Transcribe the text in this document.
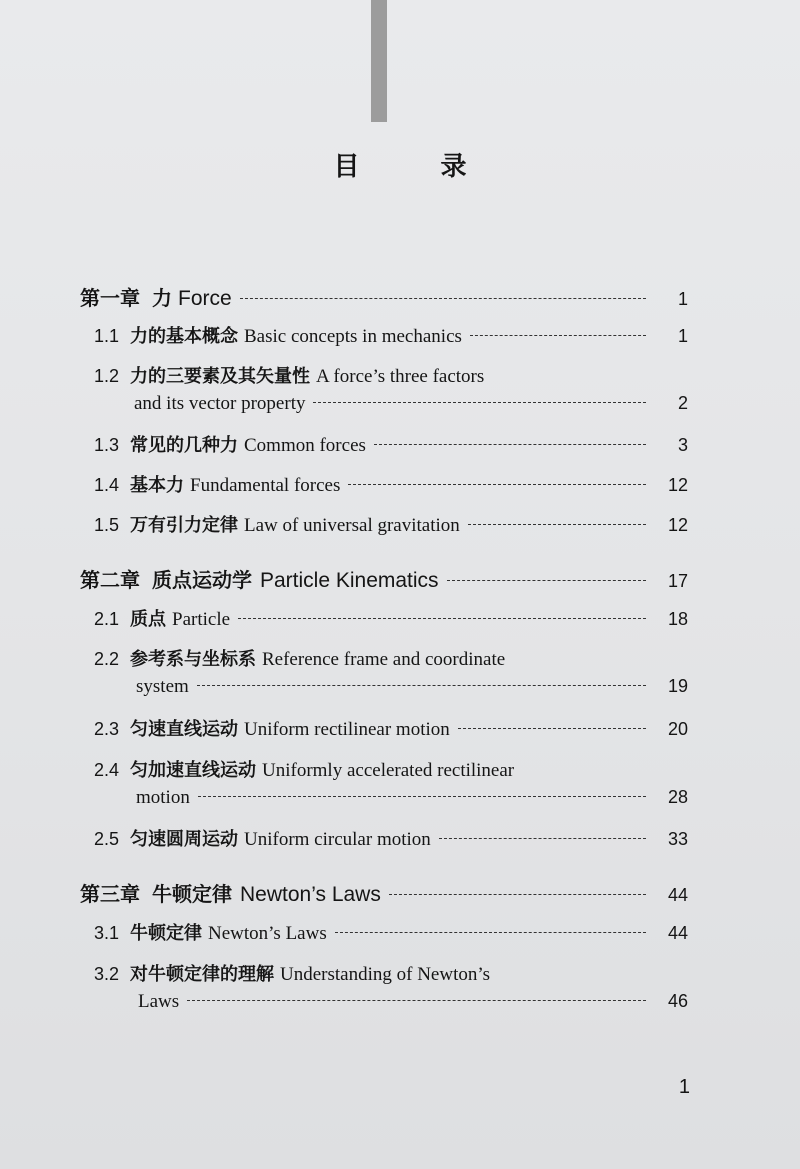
目 录
第一章 力 Force	1
1.1 力的基本概念 Basic concepts in mechanics	1
1.2 力的三要素及其矢量性 A force’s three factors
and its vector property	2
1.3 常见的几种力 Common forces	3
1.4 基本力 Fundamental forces	12
1.5 万有引力定律 Law of universal gravitation	12
第二章 质点运动学 Particle Kinematics	17
2.1 质点 Particle	18
2.2 参考系与坐标系 Reference frame and coordinate
system	19
2.3 匀速直线运动 Uniform rectilinear motion	20
2.4 匀加速直线运动 Uniformly accelerated rectilinear
motion	28
2.5 匀速圆周运动 Uniform circular motion	33
第三章 牛顿定律 Newton’s Laws	44
3.1 牛顿定律 Newton’s Laws	44
3.2 对牛顿定律的理解 Understanding of Newton’s
Laws	46
1
